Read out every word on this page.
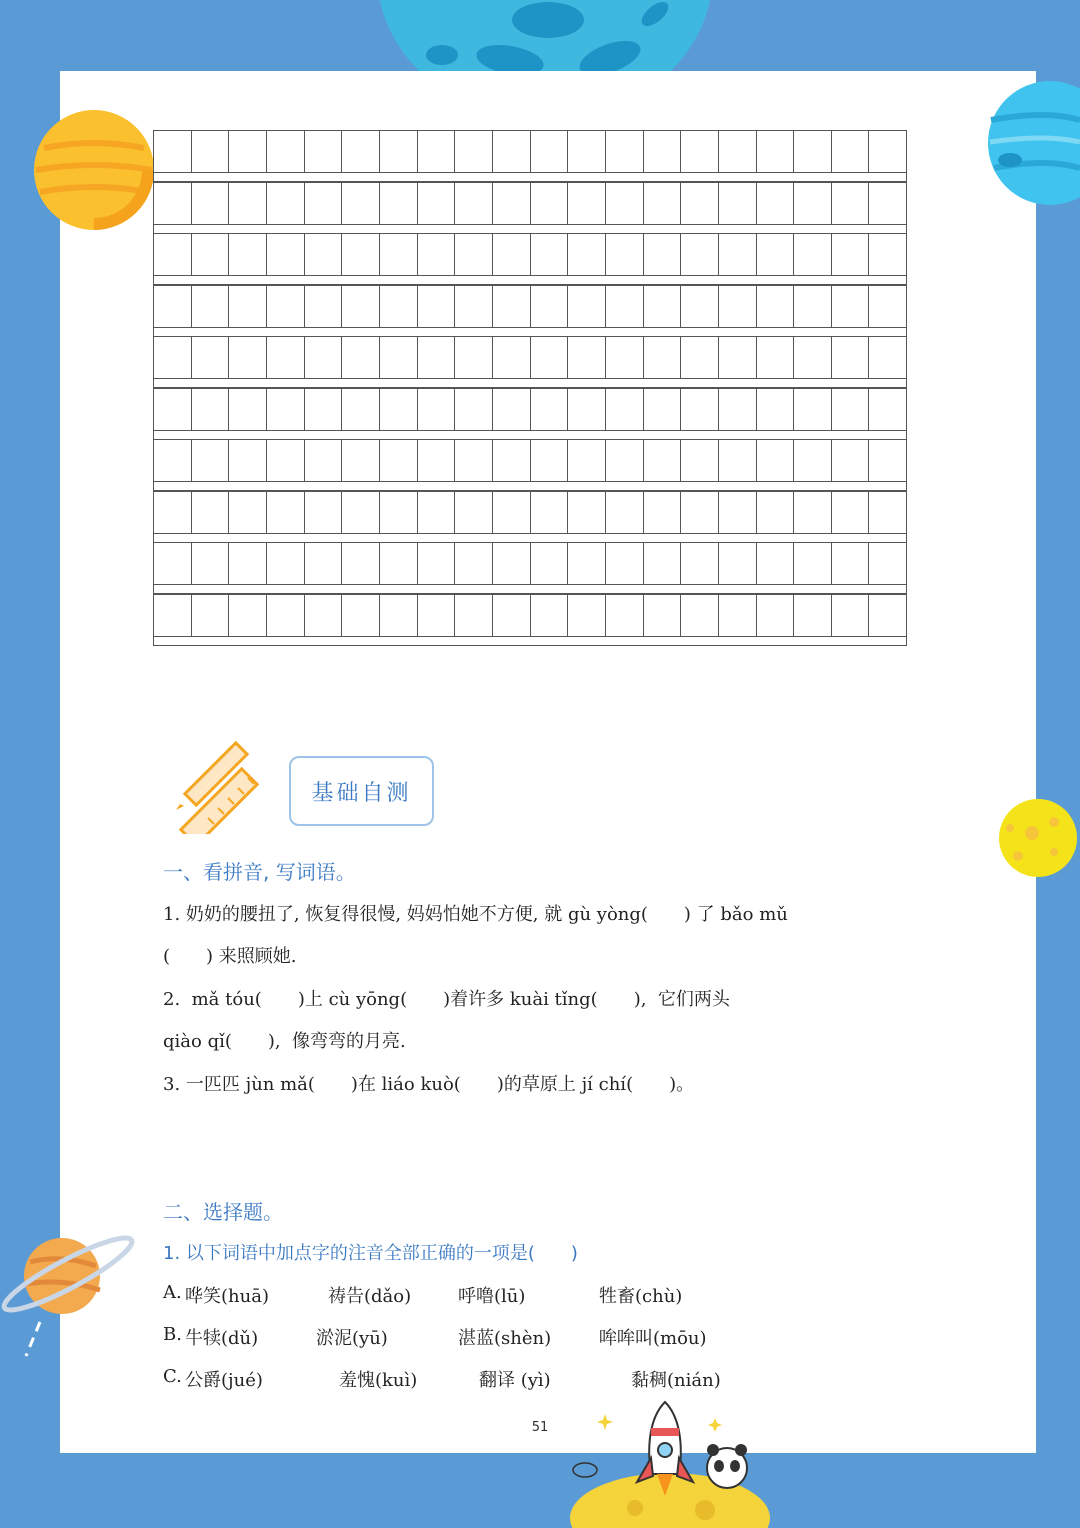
基础自测
一、看拼音, 写词语。
1. 奶奶的腰扭了, 恢复得很慢, 妈妈怕她不方便, 就 gù yòng(　　) 了 bǎo mǔ
(　　) 来照顾她.
2.  mǎ tóu(　　)上 cù yōng(　　)着许多 kuài tǐng(　　),  它们两头
qiào qǐ(　　),  像弯弯的月亮.
3. 一匹匹 jùn mǎ(　　)在 liáo kuò(　　)的草原上 jí chí(　　)。
二、选择题。
1. 以下词语中加点字的注音全部正确的一项是(　　)
A. 哗笑(huā)	祷告(dǎo)	呼噜(lū)	牲畜(chù)
B. 牛犊(dǔ)	淤泥(yū)	湛蓝(shèn)	哞哞叫(mōu)
C. 公爵(jué)	羞愧(kuì)	翻译 (yì)	黏稠(nián)
51
